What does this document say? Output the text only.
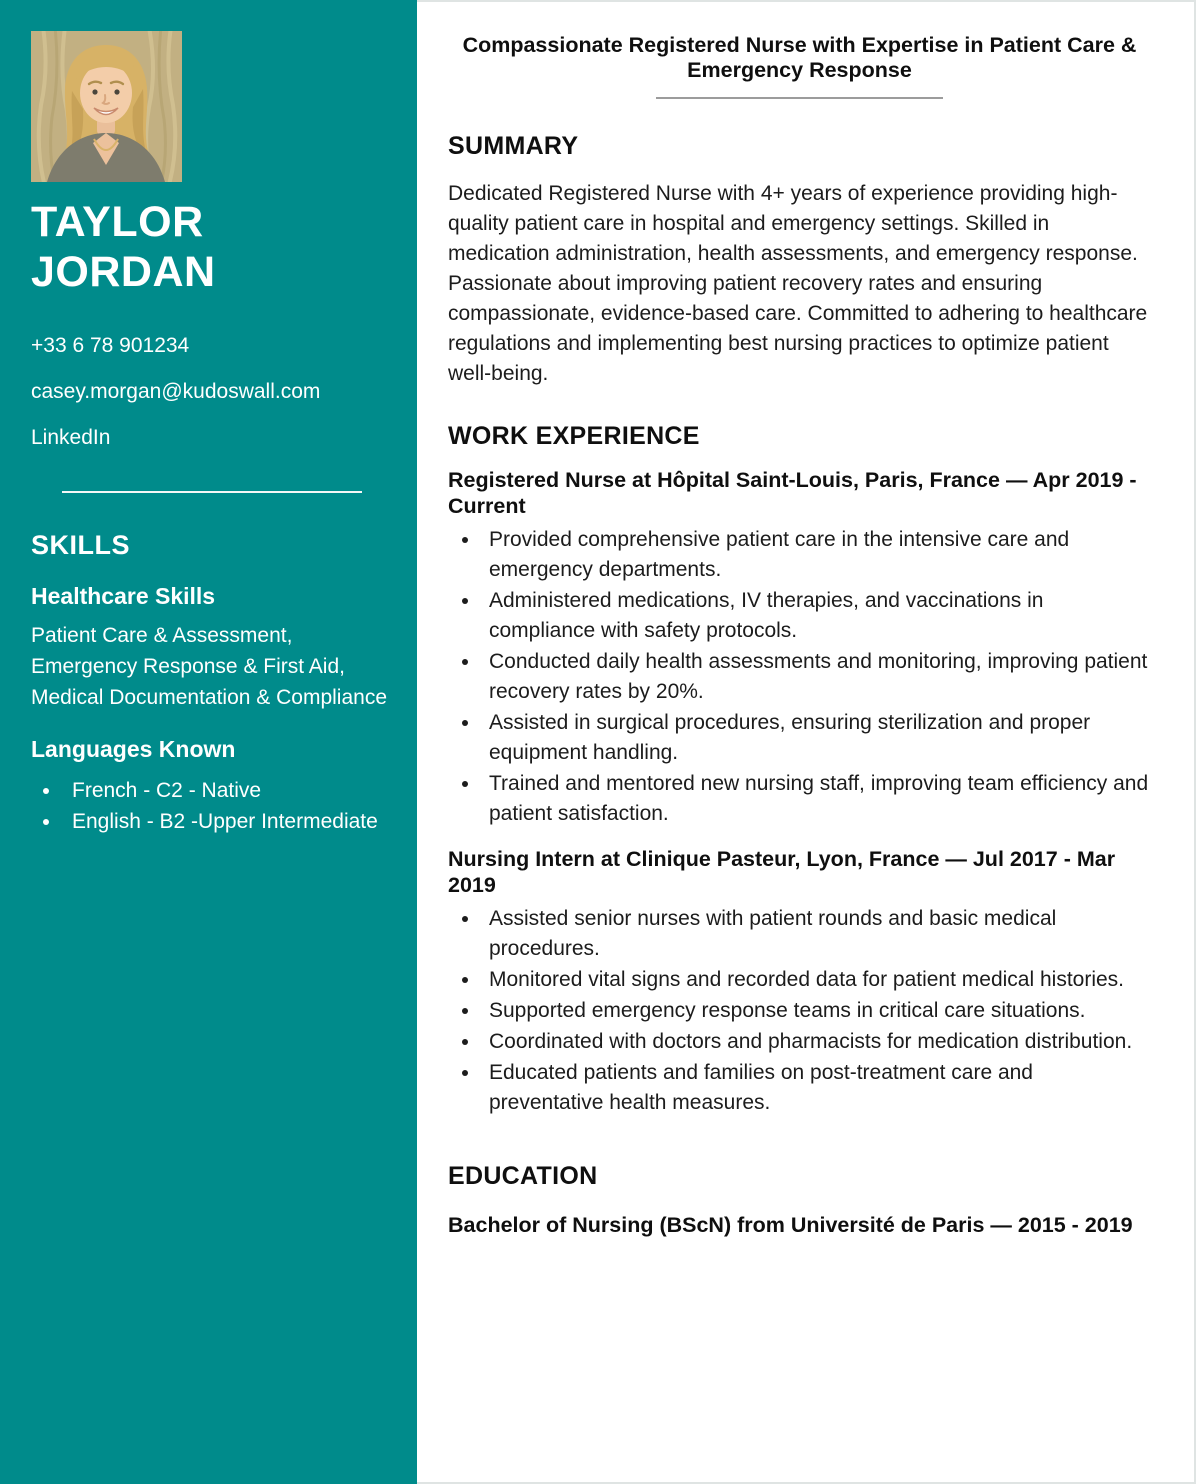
TAYLOR
JORDAN
+33 6 78 901234
casey.morgan@kudoswall.com
LinkedIn
SKILLS
Healthcare Skills

Patient Care & Assessment, Emergency Response & First Aid, Medical Documentation & Compliance

Languages Known
• French - C2 - Native
• English - B2 -Upper Intermediate
Compassionate Registered Nurse with Expertise in Patient Care & Emergency Response
SUMMARY

Dedicated Registered Nurse with 4+ years of experience providing high-quality patient care in hospital and emergency settings. Skilled in medication administration, health assessments, and emergency response. Passionate about improving patient recovery rates and ensuring compassionate, evidence-based care. Committed to adhering to healthcare regulations and implementing best nursing practices to optimize patient well-being.

WORK EXPERIENCE
Registered Nurse at Hôpital Saint-Louis, Paris, France — Apr 2019 - Current
• Provided comprehensive patient care in the intensive care and emergency departments.
• Administered medications, IV therapies, and vaccinations in compliance with safety protocols.
• Conducted daily health assessments and monitoring, improving patient recovery rates by 20%.
• Assisted in surgical procedures, ensuring sterilization and proper equipment handling.
• Trained and mentored new nursing staff, improving team efficiency and patient satisfaction.
Nursing Intern at Clinique Pasteur, Lyon, France — Jul 2017 - Mar 2019
• Assisted senior nurses with patient rounds and basic medical procedures.
• Monitored vital signs and recorded data for patient medical histories.
• Supported emergency response teams in critical care situations.
• Coordinated with doctors and pharmacists for medication distribution.
• Educated patients and families on post-treatment care and preventative health measures.
EDUCATION
Bachelor of Nursing (BScN) from Université de Paris — 2015 - 2019
